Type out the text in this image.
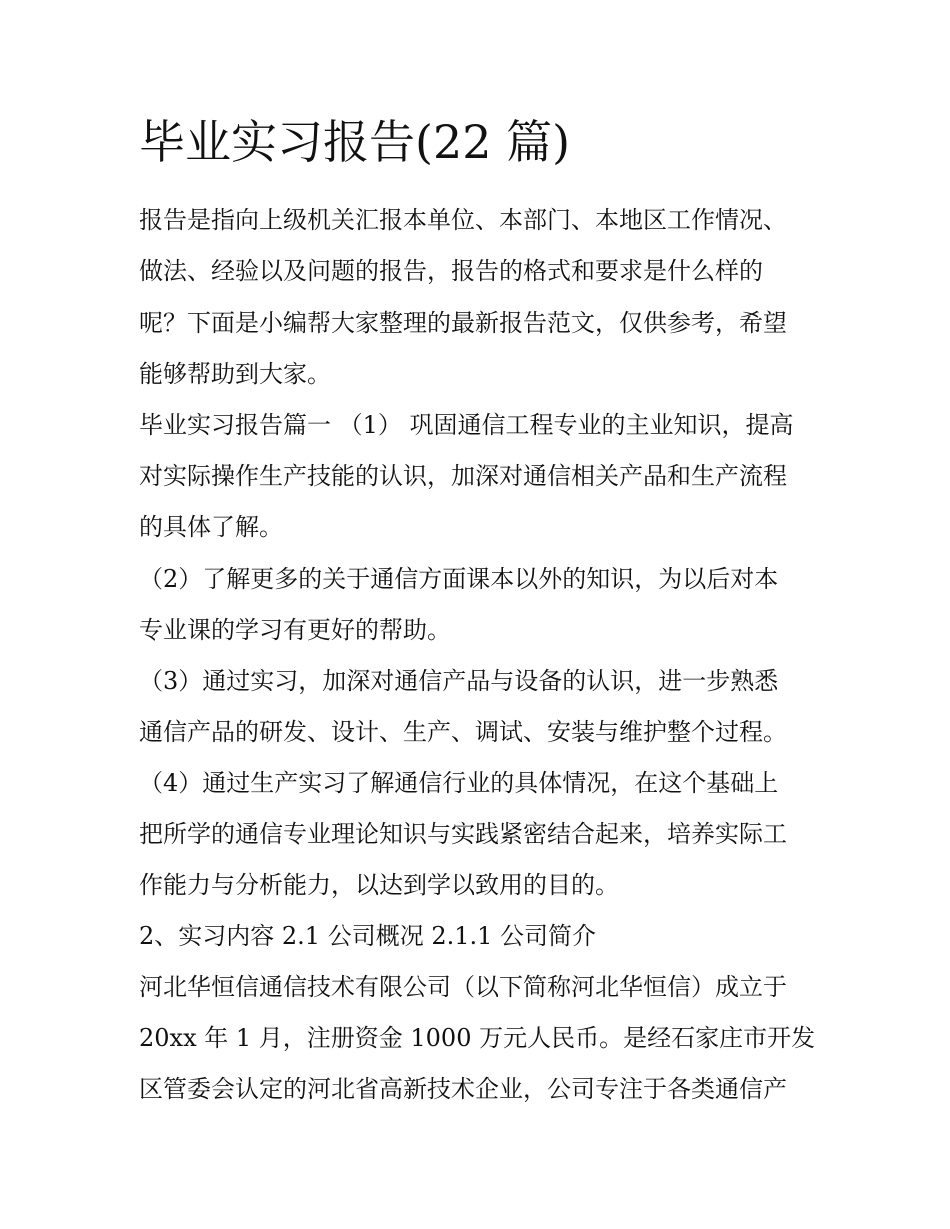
毕业实习报告(22 篇)

报告是指向上级机关汇报本单位、本部门、本地区工作情况、

做法、经验以及问题的报告，报告的格式和要求是什么样的

呢？下面是小编帮大家整理的最新报告范文，仅供参考，希望

能够帮助到大家。

毕业实习报告篇一 （1） 巩固通信工程专业的主业知识，提高

对实际操作生产技能的认识，加深对通信相关产品和生产流程

的具体了解。

（2）了解更多的关于通信方面课本以外的知识，为以后对本

专业课的学习有更好的帮助。

（3）通过实习，加深对通信产品与设备的认识，进一步熟悉

通信产品的研发、设计、生产、调试、安装与维护整个过程。

（4）通过生产实习了解通信行业的具体情况，在这个基础上

把所学的通信专业理论知识与实践紧密结合起来，培养实际工

作能力与分析能力，以达到学以致用的目的。

2、实习内容 2.1 公司概况 2.1.1 公司简介

河北华恒信通信技术有限公司（以下简称河北华恒信）成立于

20xx 年 1 月，注册资金 1000 万元人民币。是经石家庄市开发

区管委会认定的河北省高新技术企业，公司专注于各类通信产
